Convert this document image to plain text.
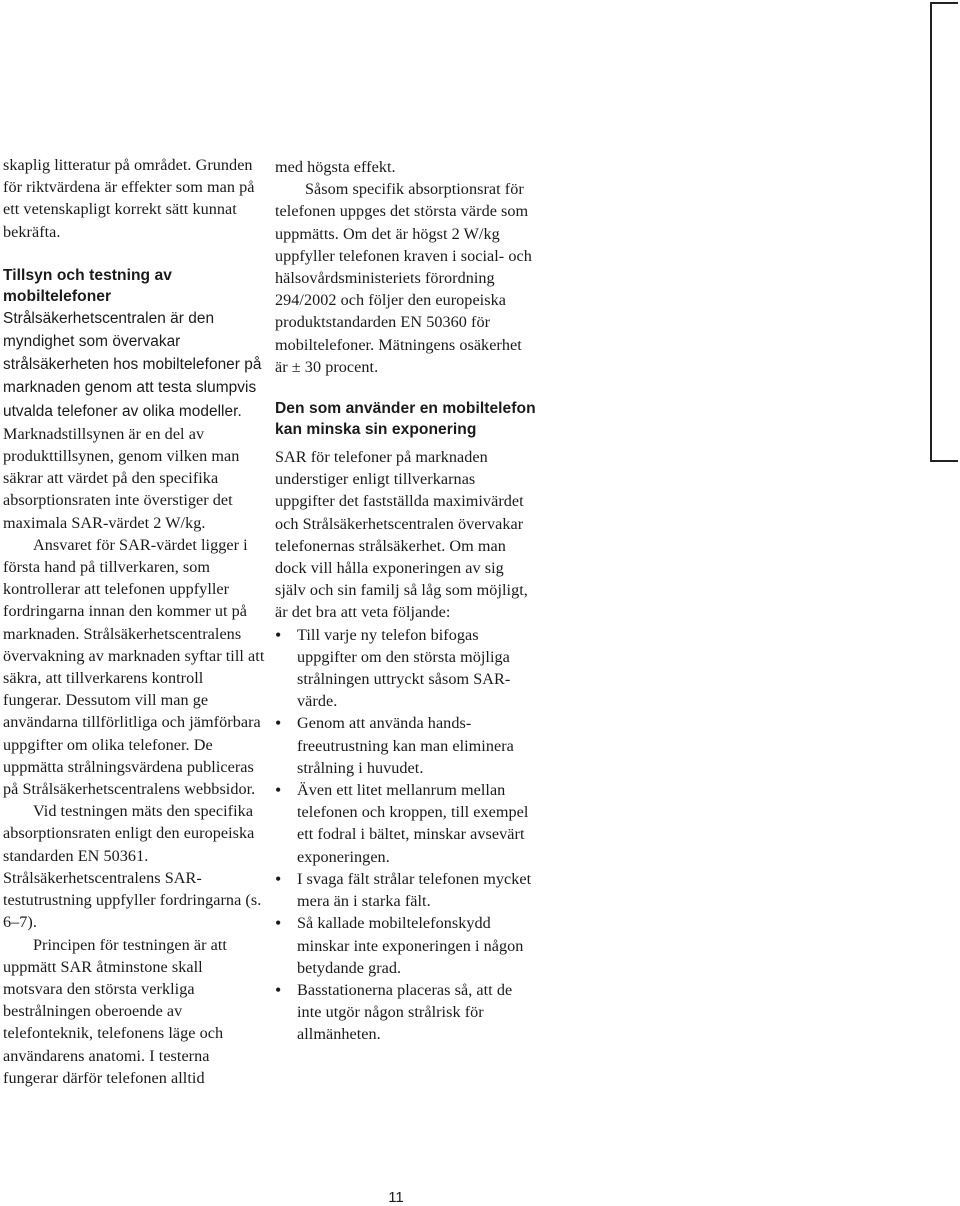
skaplig litteratur på området. Grunden för riktvärdena är effekter som man på ett vetenskapligt korrekt sätt kunnat bekräfta.

Tillsyn och testning av mobiltelefoner

Strålsäkerhetscentralen är den myndighet som övervakar strålsäkerheten hos mobiltelefoner på marknaden genom att testa slumpvis utvalda telefoner av olika modeller. Marknadstillsynen är en del av produkttillsynen, genom vilken man säkrar att värdet på den specifika absorptionsraten inte överstiger det maximala SAR-värdet 2 W/kg.

Ansvaret för SAR-värdet ligger i första hand på tillverkaren, som kontrollerar att telefonen uppfyller fordringarna innan den kommer ut på marknaden. Strålsäkerhetscentralens övervakning av marknaden syftar till att säkra, att tillverkarens kontroll fungerar. Dessutom vill man ge användarna tillförlitliga och jämförbara uppgifter om olika telefoner. De uppmätta strålningsvärdena publiceras på Strålsäkerhetscentralens webbsidor.

Vid testningen mäts den specifika absorptionsraten enligt den europeiska standarden EN 50361. Strålsäkerhetscentralens SAR-testutrustning uppfyller fordringarna (s. 6–7).

Principen för testningen är att uppmätt SAR åtminstone skall motsvara den största verkliga bestrålningen oberoende av telefonteknik, telefonens läge och användarens anatomi. I testerna fungerar därför telefonen alltid

med högsta effekt.

Såsom specifik absorptionsrat för telefonen uppges det största värde som uppmätts. Om det är högst 2 W/kg uppfyller telefonen kraven i social- och hälsovårdsministeriets förordning 294/2002 och följer den europeiska produktstandarden EN 50360 för mobiltelefoner. Mätningens osäkerhet är ± 30 procent.

Den som använder en mobiltelefon kan minska sin exponering

SAR för telefoner på marknaden understiger enligt tillverkarnas uppgifter det fastställda maximivärdet och Strålsäkerhetscentralen övervakar telefonernas strålsäkerhet. Om man dock vill hålla exponeringen av sig själv och sin familj så låg som möjligt, är det bra att veta följande:

• Till varje ny telefon bifogas uppgifter om den största möjliga strålningen uttryckt såsom SAR-värde.
• Genom att använda hands-freeutrustning kan man eliminera strålning i huvudet.
• Även ett litet mellanrum mellan telefonen och kroppen, till exempel ett fodral i bältet, minskar avsevärt exponeringen.
• I svaga fält strålar telefonen mycket mera än i starka fält.
• Så kallade mobiltelefonskydd minskar inte exponeringen i någon betydande grad.
• Basstationerna placeras så, att de inte utgör någon strålrisk för allmänheten.
11
